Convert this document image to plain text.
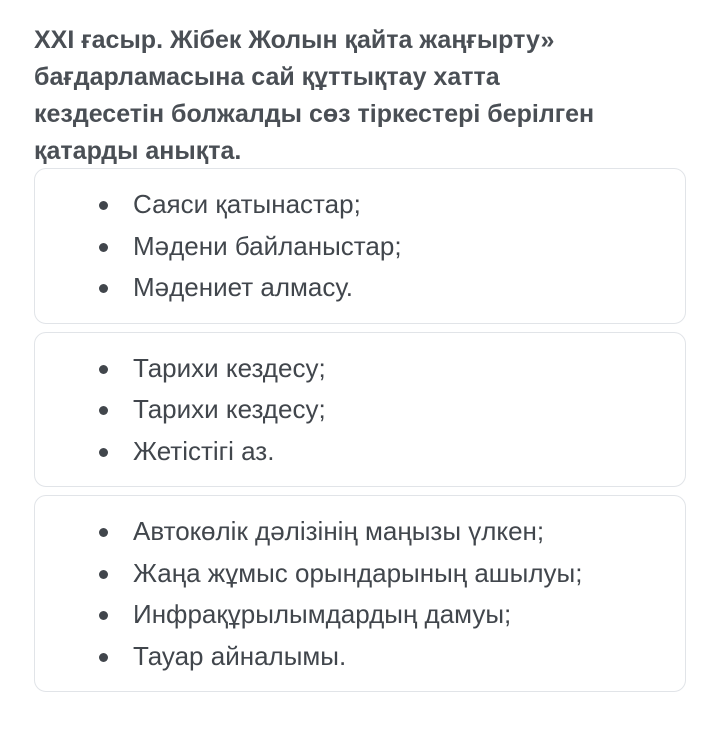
XXI ғасыр. Жібек Жолын қайта жаңғырту»
бағдарламасына сай құттықтау хатта
кездесетін болжалды сөз тіркестері берілген
қатарды анықта.
Саяси қатынастар;
Мәдени байланыстар;
Мәдениет алмасу.
Тарихи кездесу;
Тарихи кездесу;
Жетістігі аз.
Автокөлік дәлізінің маңызы үлкен;
Жаңа жұмыс орындарының ашылуы;
Инфрақұрылымдардың дамуы;
Тауар айналымы.
